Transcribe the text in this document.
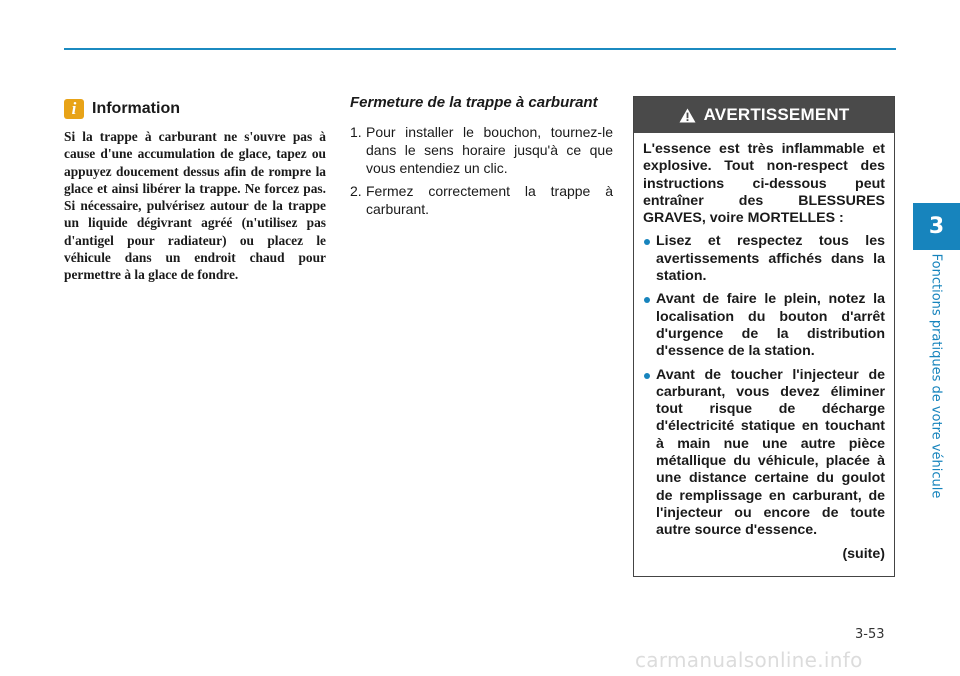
3
Fonctions pratiques de votre véhicule
i Information

Si la trappe à carburant ne s'ouvre pas à cause d'une accumulation de glace, tapez ou appuyez doucement dessus afin de rompre la glace et ainsi libérer la trappe. Ne forcez pas. Si nécessaire, pulvérisez autour de la trappe un liquide dégivrant agréé (n'utilisez pas d'antigel pour radiateur) ou placez le véhicule dans un endroit chaud pour permettre à la glace de fondre.

Fermeture de la trappe à carburant
1. Pour installer le bouchon, tournez-le dans le sens horaire jusqu'à ce que vous entendiez un clic.
2. Fermez correctement la trappe à carburant.
AVERTISSEMENT

L'essence est très inflammable et explosive. Tout non-respect des instructions ci-dessous peut entraîner des BLESSURES GRAVES, voire MORTELLES :

Lisez et respectez tous les avertissements affichés dans la station.
Avant de faire le plein, notez la localisation du bouton d'arrêt d'urgence de la distribution d'essence de la station.
Avant de toucher l'injecteur de carburant, vous devez éliminer tout risque de décharge d'électricité statique en touchant à main nue une autre pièce métallique du véhicule, placée à une distance certaine du goulot de remplissage en carburant, de l'injecteur ou encore de toute autre source d'essence.

(suite)

3-53
carmanualsonline.info
